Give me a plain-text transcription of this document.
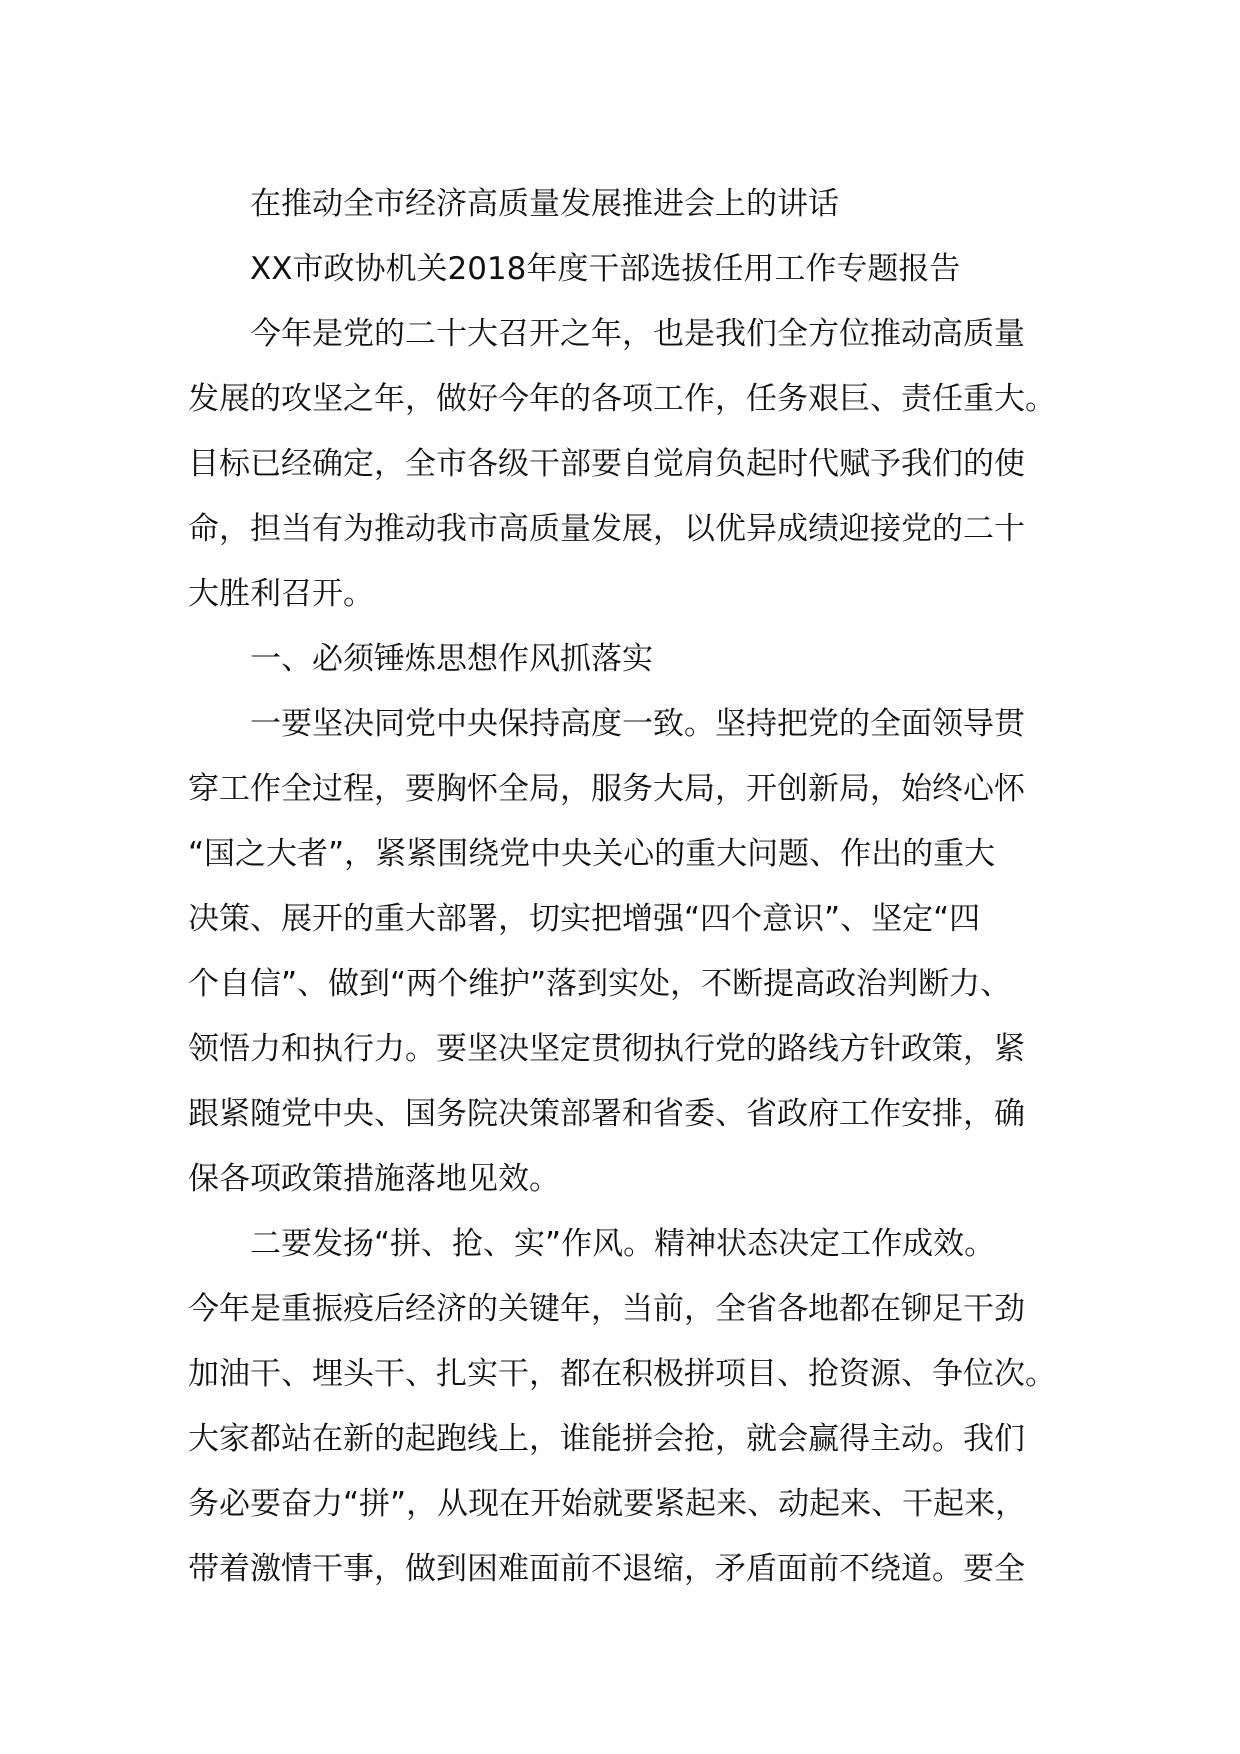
在推动全市经济高质量发展推进会上的讲话
XX市政协机关2018年度干部选拔任用工作专题报告
今年是党的二十大召开之年，也是我们全方位推动高质量
发展的攻坚之年，做好今年的各项工作，任务艰巨、责任重大。
目标已经确定，全市各级干部要自觉肩负起时代赋予我们的使
命，担当有为推动我市高质量发展，以优异成绩迎接党的二十
大胜利召开。
一、必须锤炼思想作风抓落实
一要坚决同党中央保持高度一致。坚持把党的全面领导贯
穿工作全过程，要胸怀全局，服务大局，开创新局，始终心怀
“国之大者”，紧紧围绕党中央关心的重大问题、作出的重大
决策、展开的重大部署，切实把增强“四个意识”、坚定“四
个自信”、做到“两个维护”落到实处，不断提高政治判断力、
领悟力和执行力。要坚决坚定贯彻执行党的路线方针政策，紧
跟紧随党中央、国务院决策部署和省委、省政府工作安排，确
保各项政策措施落地见效。
二要发扬“拼、抢、实”作风。精神状态决定工作成效。
今年是重振疫后经济的关键年，当前，全省各地都在铆足干劲
加油干、埋头干、扎实干，都在积极拼项目、抢资源、争位次。
大家都站在新的起跑线上，谁能拼会抢，就会赢得主动。我们
务必要奋力“拼”，从现在开始就要紧起来、动起来、干起来，
带着激情干事，做到困难面前不退缩，矛盾面前不绕道。要全
